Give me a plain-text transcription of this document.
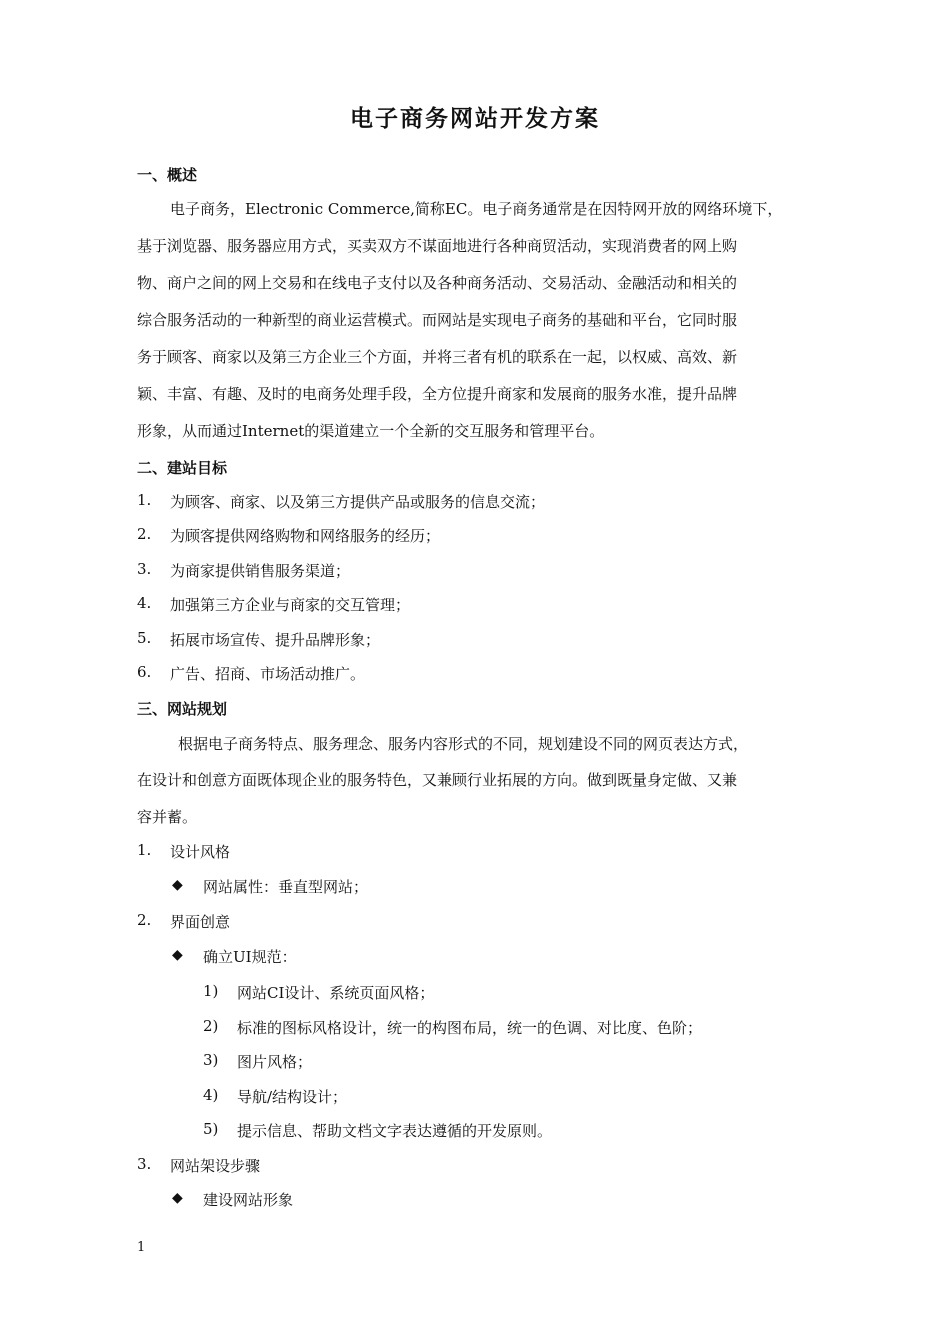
电子商务网站开发方案
一、概述
电子商务，Electronic Commerce,简称EC。电子商务通常是在因特网开放的网络环境下，
基于浏览器、服务器应用方式，买卖双方不谋面地进行各种商贸活动，实现消费者的网上购
物、商户之间的网上交易和在线电子支付以及各种商务活动、交易活动、金融活动和相关的
综合服务活动的一种新型的商业运营模式。而网站是实现电子商务的基础和平台，它同时服
务于顾客、商家以及第三方企业三个方面，并将三者有机的联系在一起，以权威、高效、新
颖、丰富、有趣、及时的电商务处理手段，全方位提升商家和发展商的服务水准，提升品牌
形象，从而通过Internet的渠道建立一个全新的交互服务和管理平台。
二、建站目标
1. 为顾客、商家、以及第三方提供产品或服务的信息交流；
2. 为顾客提供网络购物和网络服务的经历；
3. 为商家提供销售服务渠道；
4. 加强第三方企业与商家的交互管理；
5. 拓展市场宣传、提升品牌形象；
6. 广告、招商、市场活动推广。
三、网站规划
根据电子商务特点、服务理念、服务内容形式的不同，规划建设不同的网页表达方式，
在设计和创意方面既体现企业的服务特色，又兼顾行业拓展的方向。做到既量身定做、又兼
容并蓄。
1. 设计风格
◆ 网站属性：垂直型网站；
2. 界面创意
◆ 确立UI规范：
1) 网站CI设计、系统页面风格；
2) 标准的图标风格设计，统一的构图布局，统一的色调、对比度、色阶；
3) 图片风格；
4) 导航/结构设计；
5) 提示信息、帮助文档文字表达遵循的开发原则。
3. 网站架设步骤
◆ 建设网站形象
1
